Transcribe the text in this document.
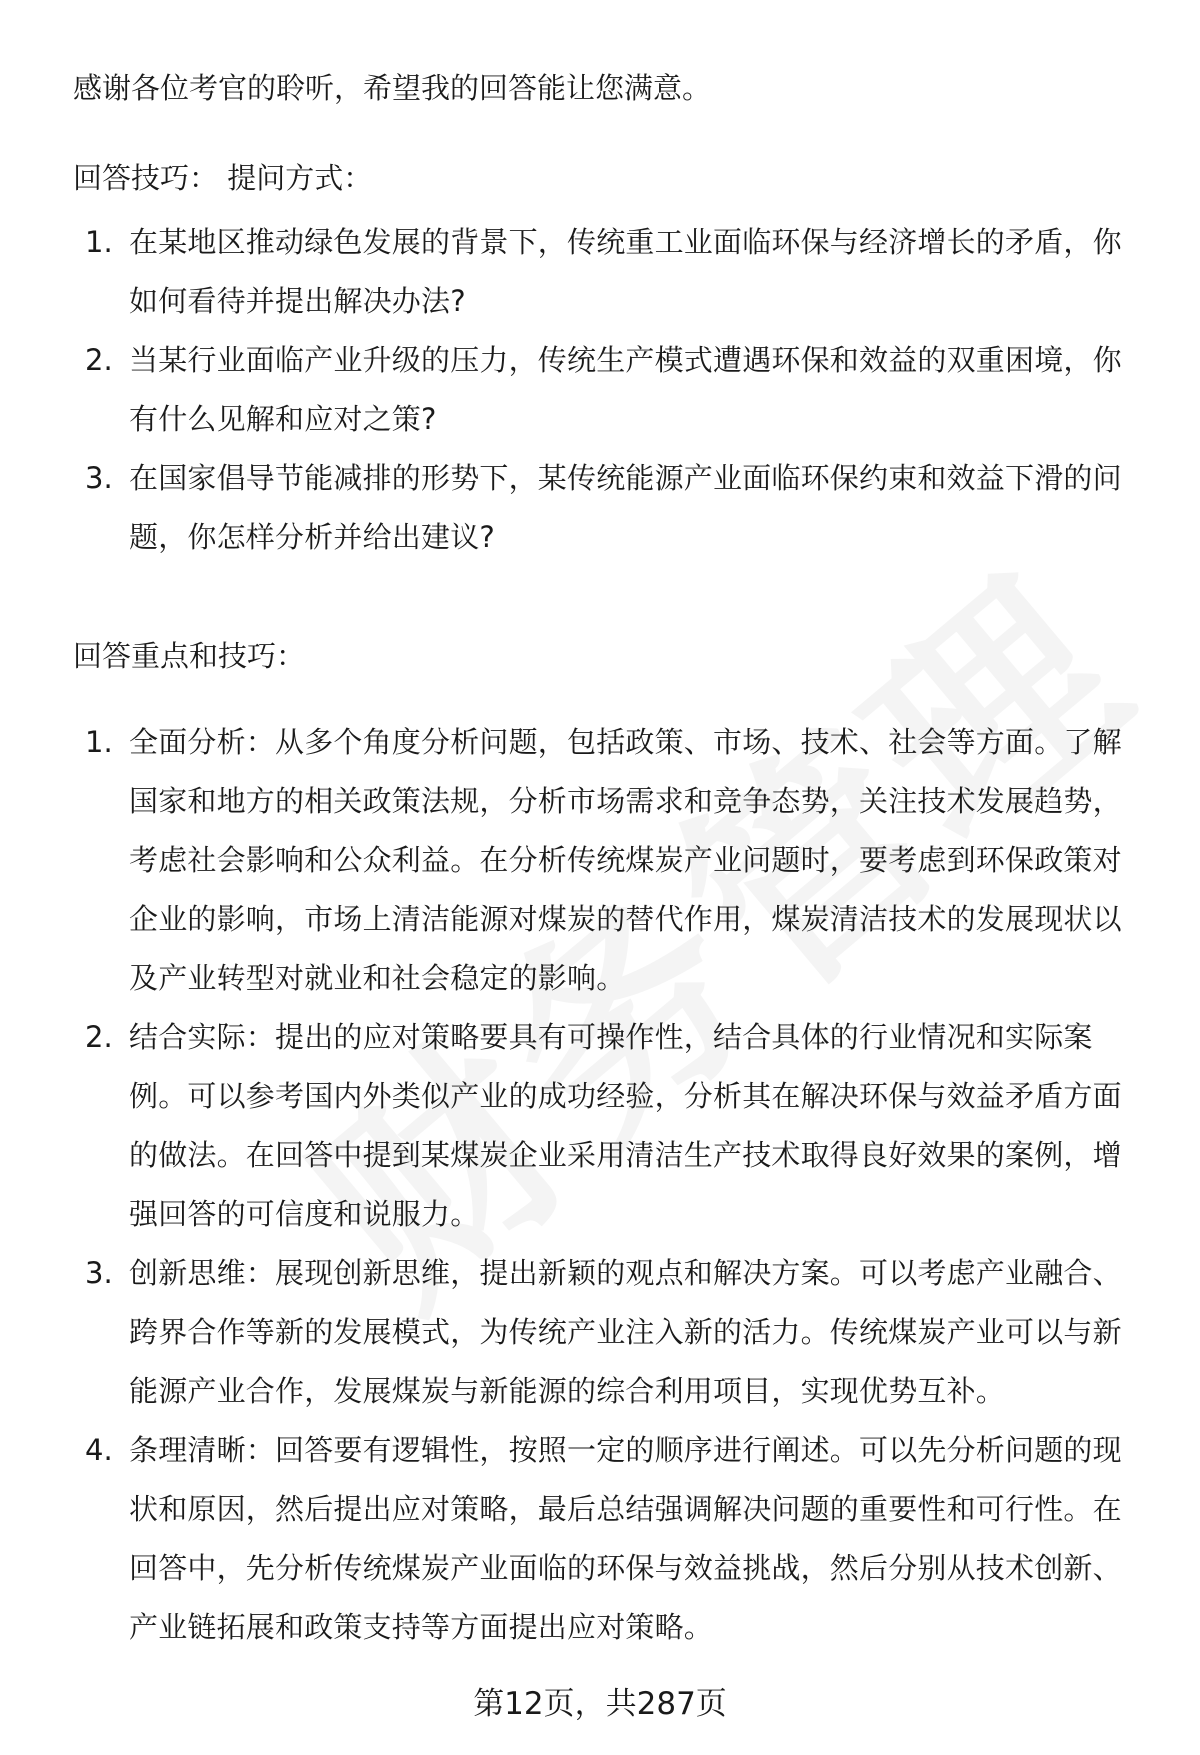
感谢各位考官的聆听，希望我的回答能让您满意。

回答技巧： 提问方式：

1. 在某地区推动绿色发展的背景下，传统重工业面临环保与经济增长的矛盾，你如何看待并提出解决办法?
2. 当某行业面临产业升级的压力，传统生产模式遭遇环保和效益的双重困境，你有什么见解和应对之策?
3. 在国家倡导节能减排的形势下，某传统能源产业面临环保约束和效益下滑的问题，你怎样分析并给出建议?

回答重点和技巧：

1. 全面分析：从多个角度分析问题，包括政策、市场、技术、社会等方面。了解国家和地方的相关政策法规，分析市场需求和竞争态势，关注技术发展趋势，考虑社会影响和公众利益。在分析传统煤炭产业问题时，要考虑到环保政策对企业的影响，市场上清洁能源对煤炭的替代作用，煤炭清洁技术的发展现状以及产业转型对就业和社会稳定的影响。
2. 结合实际：提出的应对策略要具有可操作性，结合具体的行业情况和实际案例。可以参考国内外类似产业的成功经验，分析其在解决环保与效益矛盾方面的做法。在回答中提到某煤炭企业采用清洁生产技术取得良好效果的案例，增强回答的可信度和说服力。
3. 创新思维：展现创新思维，提出新颖的观点和解决方案。可以考虑产业融合、跨界合作等新的发展模式，为传统产业注入新的活力。传统煤炭产业可以与新能源产业合作，发展煤炭与新能源的综合利用项目，实现优势互补。
4. 条理清晰：回答要有逻辑性，按照一定的顺序进行阐述。可以先分析问题的现状和原因，然后提出应对策略，最后总结强调解决问题的重要性和可行性。在回答中，先分析传统煤炭产业面临的环保与效益挑战，然后分别从技术创新、产业链拓展和政策支持等方面提出应对策略。
第12页，共287页
